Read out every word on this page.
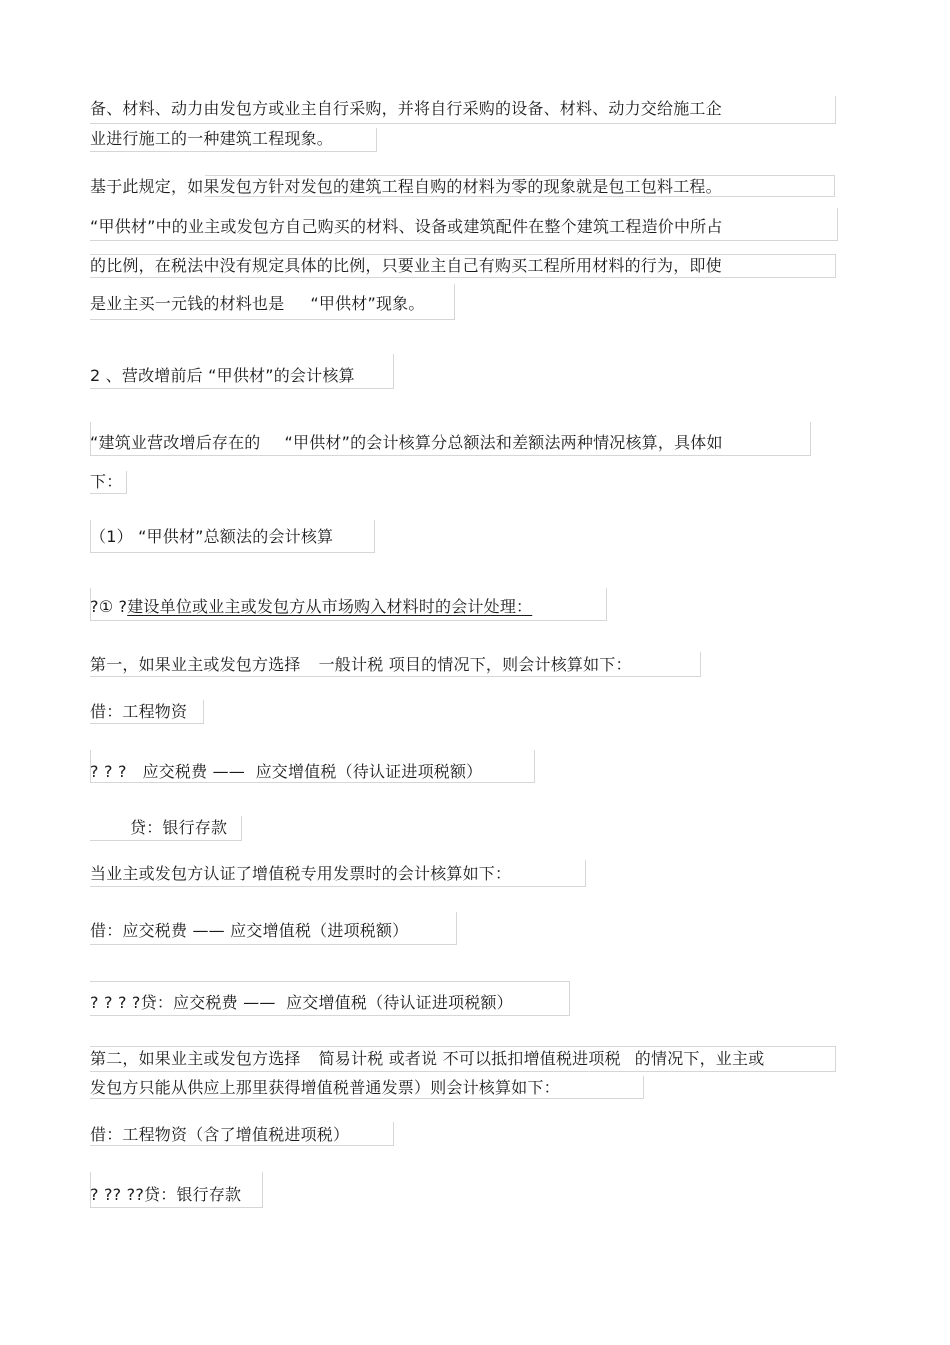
备、材料、动力由发包方或业主自行采购，并将自行采购的设备、材料、动力交给施工企
业进行施工的一种建筑工程现象。
基于此规定，如果发包方针对发包的建筑工程自购的材料为零的现象就是包工包料工程。
“甲供材”中的业主或发包方自己购买的材料、设备或建筑配件在整个建筑工程造价中所占
的比例，在税法中没有规定具体的比例，只要业主自己有购买工程所用材料的行为，即使
是业主买一元钱的材料也是 “甲供材”现象。
2 、营改增前后 “甲供材”的会计核算
“建筑业营改增后存在的 “甲供材”的会计核算分总额法和差额法两种情况核算，具体如
下：
（1） “甲供材”总额法的会计核算
?① ?建设单位或业主或发包方从市场购入材料时的会计处理：
第一，如果业主或发包方选择 一般计税 项目的情况下，则会计核算如下：
借：工程物资
? ? ?   应交税费 ——  应交增值税（待认证进项税额）
贷：银行存款
当业主或发包方认证了增值税专用发票时的会计核算如下：
借：应交税费 —— 应交增值税（进项税额）
? ? ? ?贷：应交税费 ——  应交增值税（待认证进项税额）
第二，如果业主或发包方选择 简易计税 或者说 不可以抵扣增值税进项税 的情况下，业主或
发包方只能从供应上那里获得增值税普通发票）则会计核算如下：
借：工程物资（含了增值税进项税）
? ?? ??贷：银行存款
